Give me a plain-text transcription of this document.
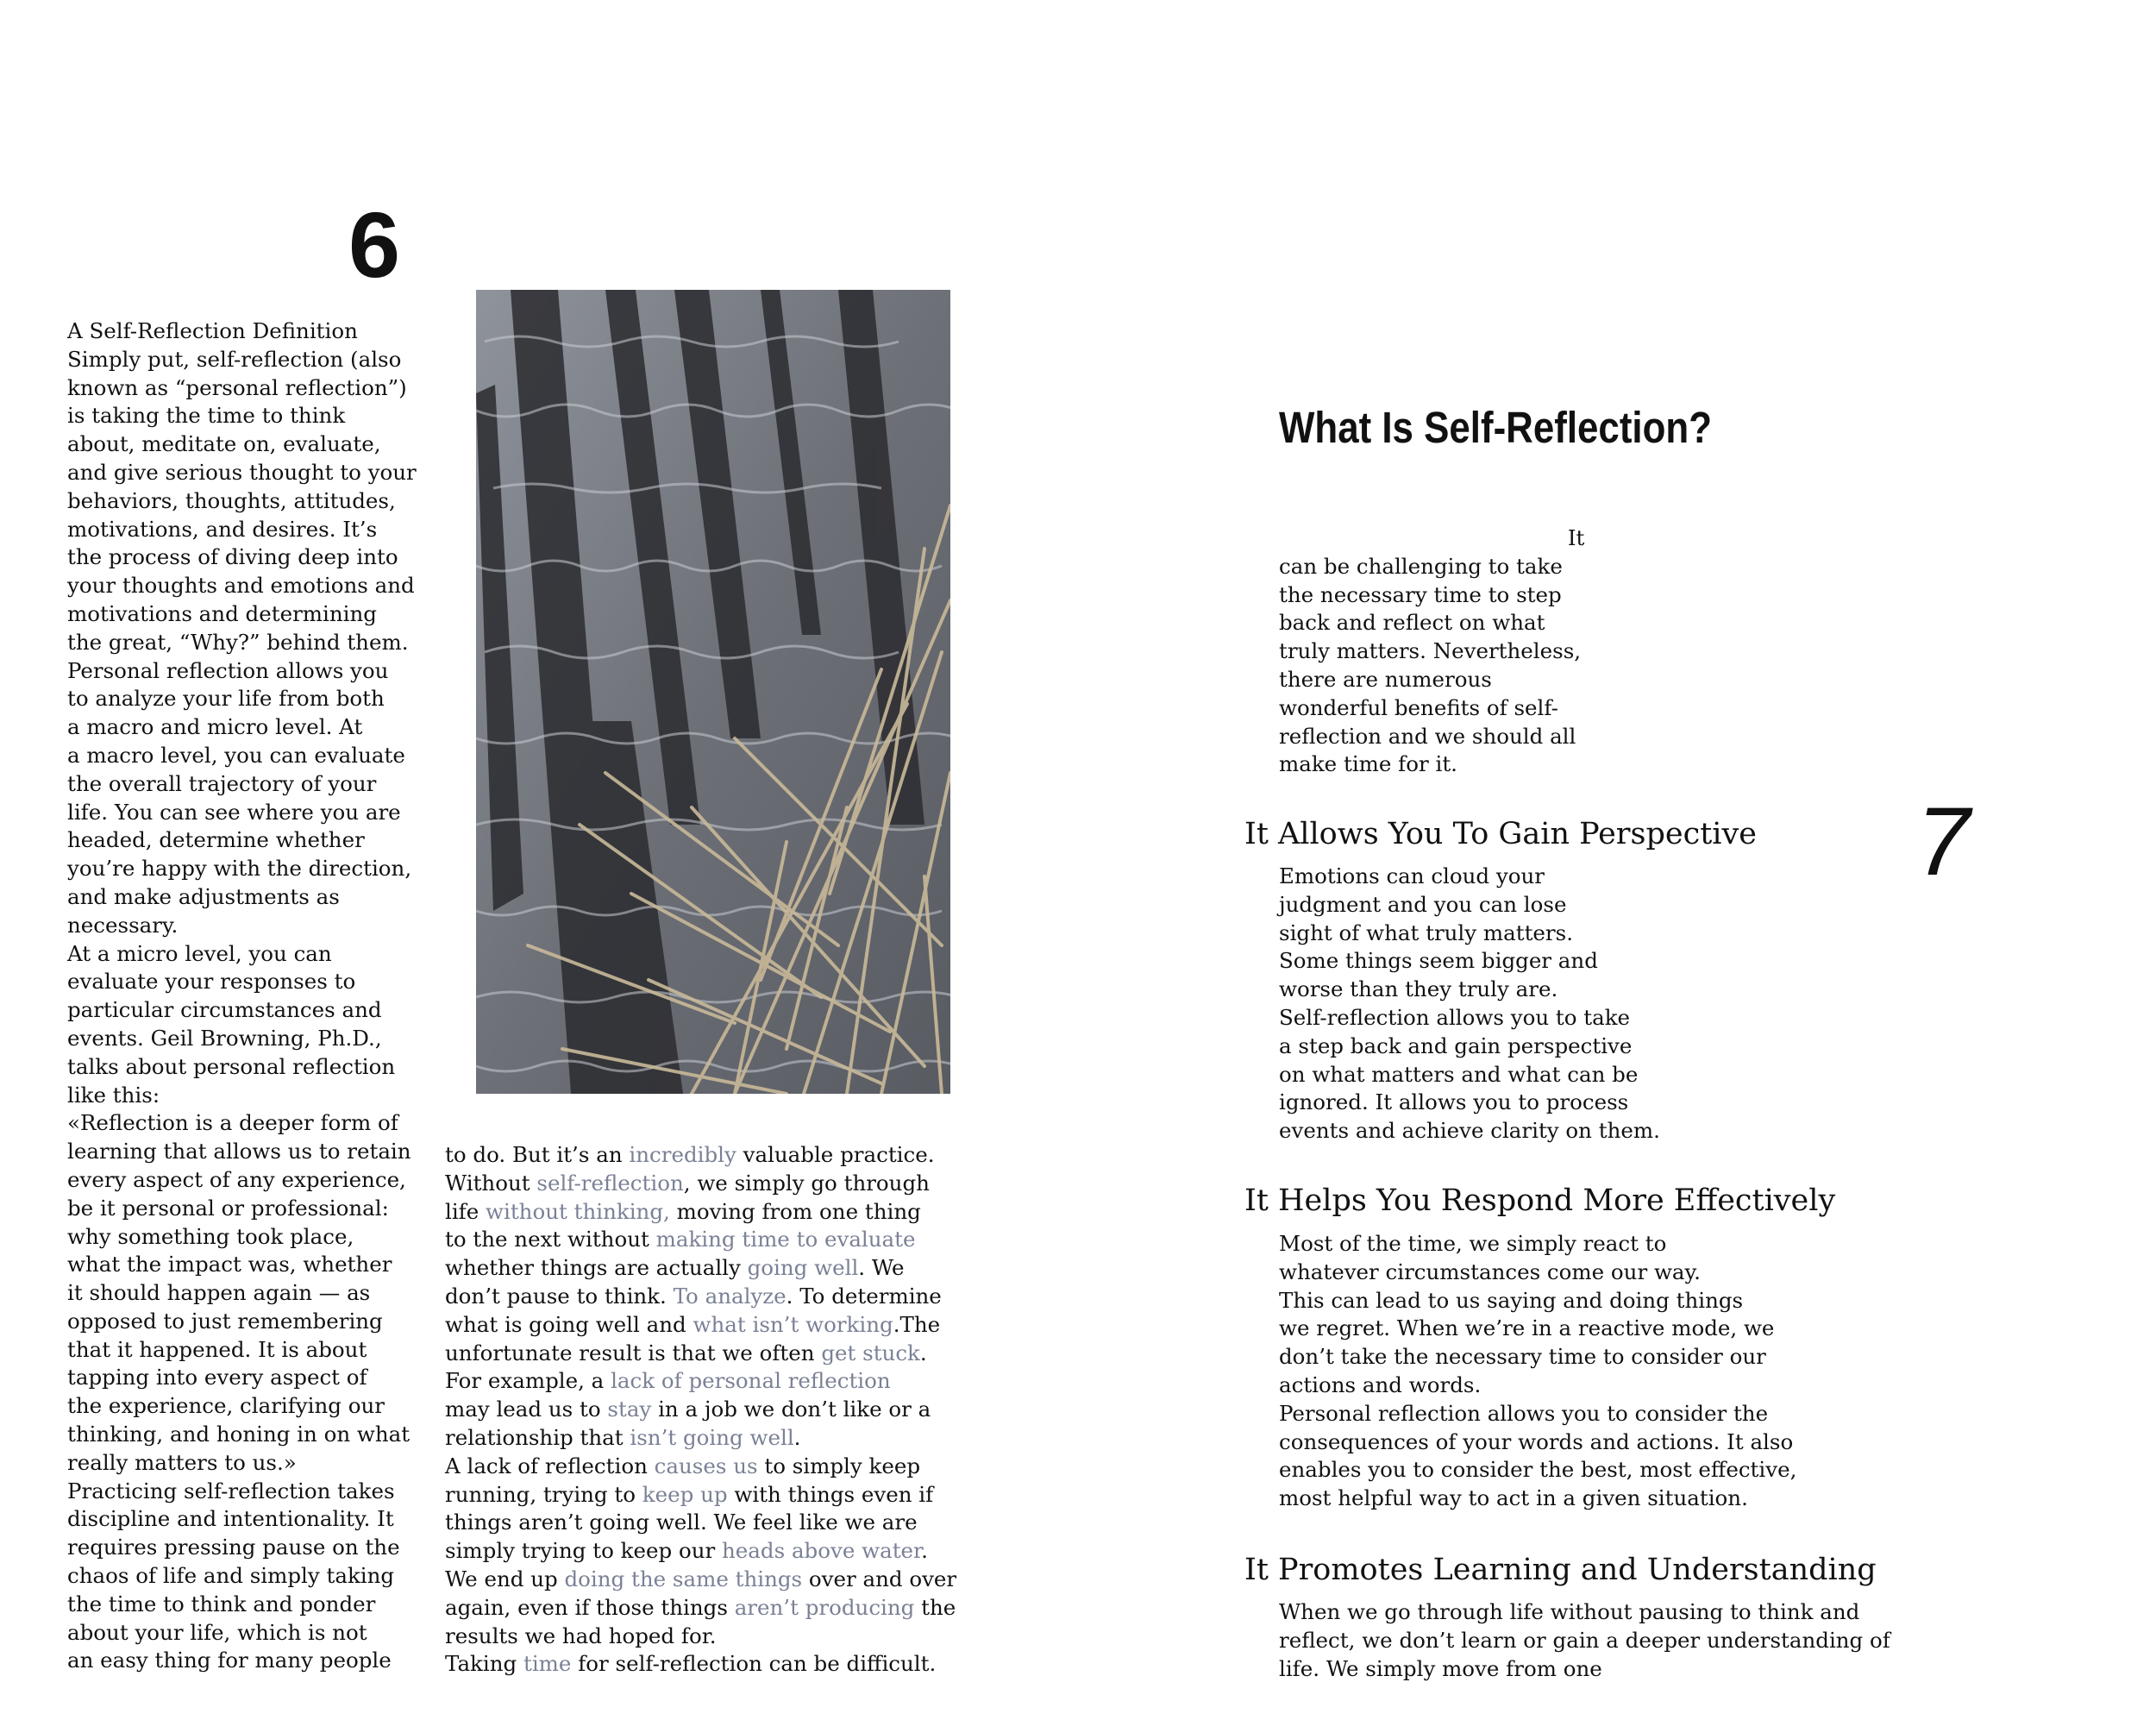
6
A Self-Reflection Definition
Simply put, self-reflection (also
known as “personal reflection”)
is taking the time to think
about, meditate on, evaluate,
and give serious thought to your
behaviors, thoughts, attitudes,
motivations, and desires. It’s
the process of diving deep into
your thoughts and emotions and
motivations and determining
the great, “Why?” behind them.
Personal reflection allows you
to analyze your life from both
a macro and micro level. At
a macro level, you can evaluate
the overall trajectory of your
life. You can see where you are
headed, determine whether
you’re happy with the direction,
and make adjustments as
necessary.
At a micro level, you can
evaluate your responses to
particular circumstances and
events. Geil Browning, Ph.D.,
talks about personal reflection
like this:
«Reflection is a deeper form of
learning that allows us to retain
every aspect of any experience,
be it personal or professional:
why something took place,
what the impact was, whether
it should happen again — as
opposed to just remembering
that it happened. It is about
tapping into every aspect of
the experience, clarifying our
thinking, and honing in on what
really matters to us.»
Practicing self-reflection takes
discipline and intentionality. It
requires pressing pause on the
chaos of life and simply taking
the time to think and ponder
about your life, which is not
an easy thing for many people
to do. But it’s an incredibly valuable practice.
Without self-reflection, we simply go through
life without thinking, moving from one thing
to the next without making time to evaluate
whether things are actually going well. We
don’t pause to think. To analyze. To determine
what is going well and what isn’t working.The
unfortunate result is that we often get stuck.
For example, a lack of personal reflection
may lead us to stay in a job we don’t like or a
relationship that isn’t going well.
A lack of reflection causes us to simply keep
running, trying to keep up with things even if
things aren’t going well. We feel like we are
simply trying to keep our heads above water.
We end up doing the same things over and over
again, even if those things aren’t producing the
results we had hoped for.
Taking time for self-reflection can be difficult.
What Is Self-Reflection?
It
can be challenging to take
the necessary time to step
back and reflect on what
truly matters. Nevertheless,
there are numerous
wonderful benefits of self-
reflection and we should all
make time for it.
It Allows You To Gain Perspective
Emotions can cloud your
judgment and you can lose
sight of what truly matters.
Some things seem bigger and
worse than they truly are.
Self-reflection allows you to take
a step back and gain perspective
on what matters and what can be
ignored. It allows you to process
events and achieve clarity on them.
It Helps You Respond More Effectively
Most of the time, we simply react to
whatever circumstances come our way.
This can lead to us saying and doing things
we regret. When we’re in a reactive mode, we
don’t take the necessary time to consider our
actions and words.
Personal reflection allows you to consider the
consequences of your words and actions. It also
enables you to consider the best, most effective,
most helpful way to act in a given situation.
It Promotes Learning and Understanding
When we go through life without pausing to think and
reflect, we don’t learn or gain a deeper understanding of
life. We simply move from one
7
